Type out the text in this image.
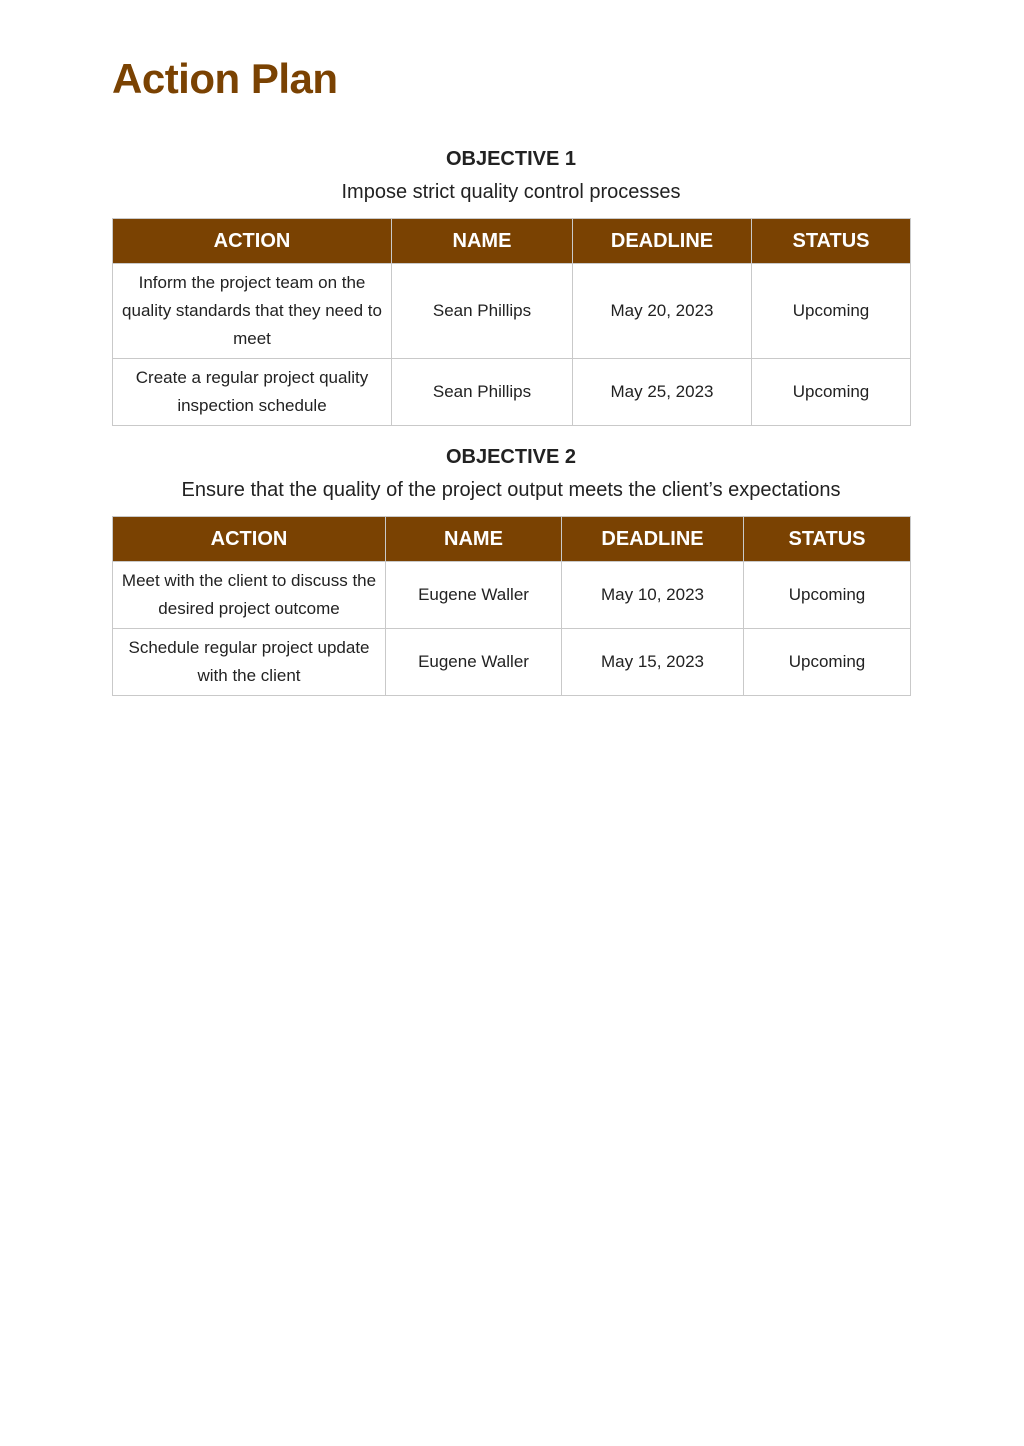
Action Plan
OBJECTIVE 1
Impose strict quality control processes
ACTION	NAME	DEADLINE	STATUS
Inform the project team on the quality standards that they need to meet	Sean Phillips	May 20, 2023	Upcoming
Create a regular project quality inspection schedule	Sean Phillips	May 25, 2023	Upcoming
OBJECTIVE 2
Ensure that the quality of the project output meets the client’s expectations
ACTION	NAME	DEADLINE	STATUS
Meet with the client to discuss the desired project outcome	Eugene Waller	May 10, 2023	Upcoming
Schedule regular project update with the client	Eugene Waller	May 15, 2023	Upcoming
